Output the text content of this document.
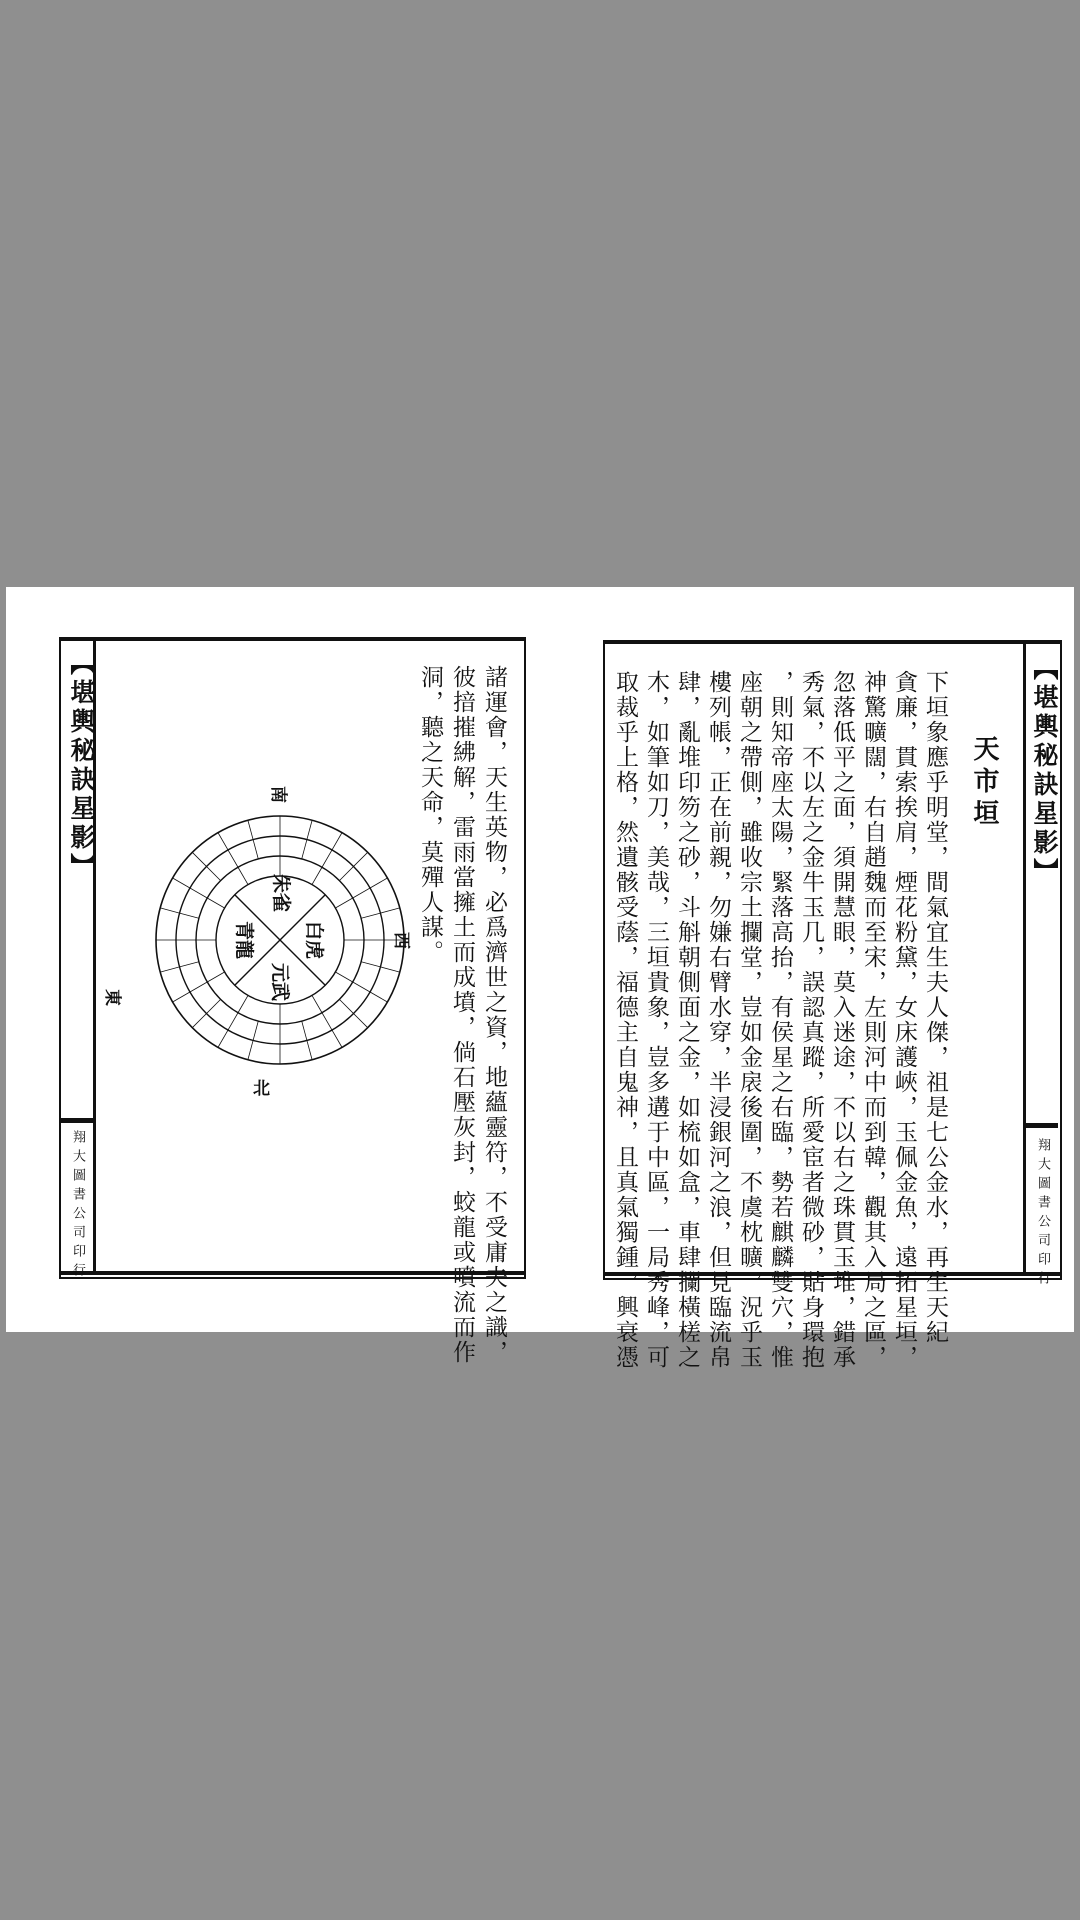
【堪輿秘訣星影】
翔大圖書公司印行	諸運會，天生英物，必爲濟世之資，地蘊靈符，不受庸夫之識，
彼揞摧紼解，雷雨當擁土而成墳，倘石壓灰封，蛟龍或噴流而作
洞，聽之天命，莫殫人謀。
朱雀
白虎
元武
青龍
南
西
北
東
【堪輿秘訣星影】
翔大圖書公司印行
天市垣
下垣象應乎明堂，間氣宜生夫人傑，祖是七公金水，再生天紀
貪廉，貫索挨肩，煙花粉黛，女床護峽，玉佩金魚，遠拓星垣，
神驚曠闊，右自趙魏而至宋，左則河中而到韓，觀其入局之區，
忽落低平之面，須開慧眼，莫入迷途，不以右之珠貫玉堆，錯承
秀氣，不以左之金牛玉几，誤認真蹤，所愛宦者微砂，貼身環抱
，則知帝座太陽，緊落高抬，有侯星之右臨，勢若麒麟雙穴，惟
座朝之帶側，雖收宗土攔堂，豈如金扆後圍，不虞枕曠，況乎玉
樓列帳，正在前親，勿嫌右臂水穿，半浸銀河之浪，但見臨流帛
肆，亂堆印笏之砂，斗斛朝側面之金，如梳如盒，車肆攔橫槎之
木，如筆如刀，美哉，三垣貴象，豈多遘于中區，一局秀峰，可
取裁乎上格，然遺骸受蔭，福德主自鬼神，且真氣獨鍾，興衰憑
